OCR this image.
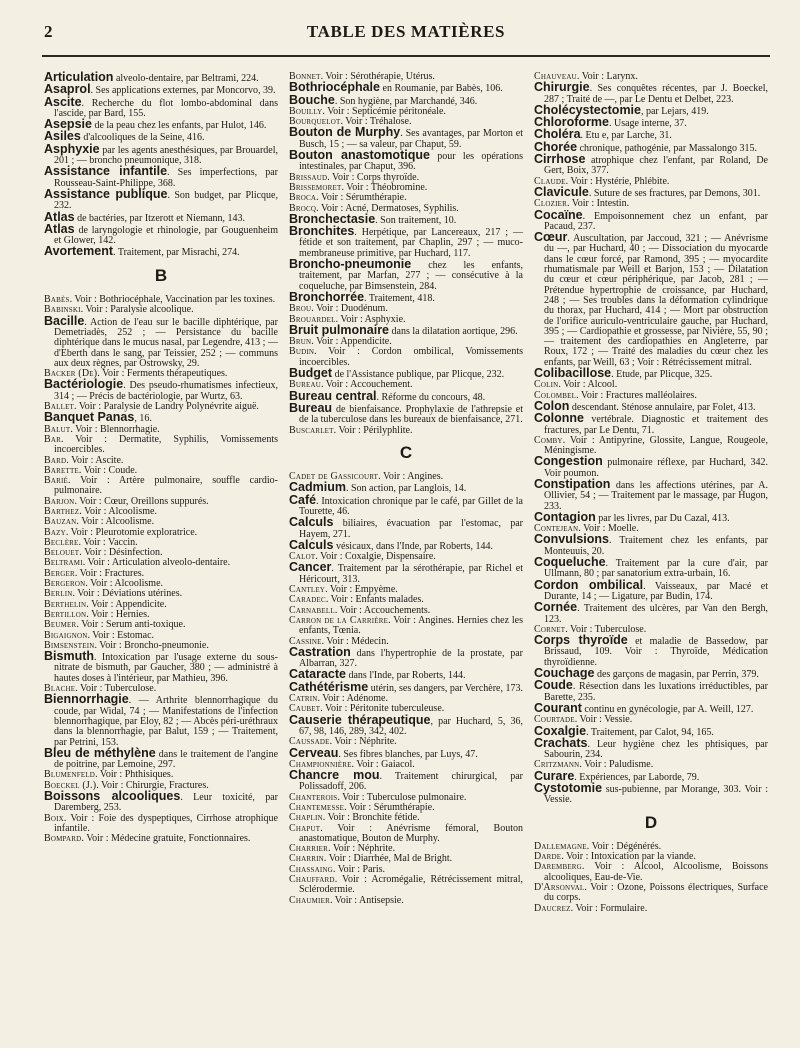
2	TABLE DES MATIÈRES
Articulation alveolo-dentaire, par Beltrami, 224.
Asaprol. Ses applications externes, par Moncorvo, 39.
Ascite. Recherche du flot lombo-abdominal dans l'ascide, par Bard, 155.
Asepsie de la peau chez les enfants, par Hulot, 146.
Asiles d'alcooliques de la Seine, 416.
Asphyxie par les agents anesthésiques, par Brouardel, 201 ; — broncho pneumonique, 318.
Assistance infantile. Ses imperfections, par Rousseau-Saint-Philippe, 368.
Assistance publique. Son budget, par Plicque, 232.
Atlas de bactéries, par Itzerott et Niemann, 143.
Atlas de laryngologie et rhinologie, par Gouguenheim et Glower, 142.
Avortement. Traitement, par Misrachi, 274.
B
Babès. Voir : Bothriocéphale, Vaccination par les toxines.
Babinski. Voir : Paralysie alcoolique.
Bacille. Action de l'eau sur le bacille diphtérique, par Demetriadès, 252 ; — Persistance du bacille diphtérique dans le mucus nasal, par Legendre, 413 ; — d'Eberth dans le sang, par Teissier, 252 ; — communs aux deux règnes, par Ostrowsky, 29.
Backer (De). Voir : Ferments thérapeutiques.
Bactériologie. Des pseudo-rhumatismes infectieux, 314 ; — Précis de bactériologie, par Wurtz, 63.
Ballet. Voir : Paralysie de Landry Polynévrite aiguë.
Banquet Panas, 16.
Balut. Voir : Blennorrhagie.
Bar. Voir : Dermatite, Syphilis, Vomissements incoercibles.
Bard. Voir : Ascite.
Barette. Voir : Coude.
Barié. Voir : Artère pulmonaire, souffle cardio-pulmonaire.
Barjon. Voir : Cœur, Oreillons suppurés.
Barthez. Voir : Alcoolisme.
Bauzan. Voir : Alcoolisme.
Bazy. Voir : Pleurotomie exploratrice.
Beclère. Voir : Vaccin.
Belouet. Voir : Désinfection.
Beltrami. Voir : Articulation alveolo-dentaire.
Berger. Voir : Fractures.
Bergeron. Voir : Alcoolisme.
Berlin. Voir : Déviations utérines.
Berthelin. Voir : Appendicite.
Bertillon. Voir : Hernies.
Beumer. Voir : Serum anti-toxique.
Bigaignon. Voir : Estomac.
Bimsenstein. Voir : Broncho-pneumonie.
Bismuth. Intoxication par l'usage externe du sous-nitrate de bismuth, par Gaucher, 380 ; — administré à hautes doses à l'intérieur, par Mathieu, 396.
Blache. Voir : Tuberculose.
Biennorrhagie. — Arthrite blennorrhagique du coude, par Widal, 74 ; — Manifestations de l'infection blennorrhagique, par Eloy, 82 ; — Abcès péri-uréthraux dans la blennorrhagie, par Balut, 159 ; — Traitement, par Petrini, 153.
Bleu de méthylène dans le traitement de l'angine de poitrine, par Lemoine, 297.
Blumenfeld. Voir : Phthisiques.
Boeckel (J.). Voir : Chirurgie, Fractures.
Boissons alcooliques. Leur toxicité, par Daremberg, 253.
Boix. Voir : Foie des dyspeptiques, Cirrhose atrophique infantile.
Bompard. Voir : Médecine gratuite, Fonctionnaires.
Bonnet. Voir : Sérothérapie, Utérus.
Bothriocéphale en Roumanie, par Babès, 106.
Bouche. Son hygiène, par Marchandé, 346.
Bouilly. Voir : Septicémie péritonéale.
Bourquelot. Voir : Tréhalose.
Bouton de Murphy. Ses avantages, par Morton et Busch, 15 ; — sa valeur, par Chaput, 59.
Bouton anastomotique pour les opérations intestinales, par Chaput, 396.
Brissaud. Voir : Corps thyroïde.
Brissemoret. Voir : Théobromine.
Broca. Voir : Sérumthérapie.
Brocq. Voir : Acné, Dermatoses, Syphilis.
Bronchectasie. Son traitement, 10.
Bronchites. Herpétique, par Lancereaux, 217 ; — fétide et son traitement, par Chaplin, 297 ; — muco-membraneuse primitive, par Huchard, 117.
Broncho-pneumonie chez les enfants, traitement, par Marfan, 277 ; — consécutive à la coqueluche, par Bimsenstein, 284.
Bronchorrée. Traitement, 418.
Brou. Voir : Duodénum.
Brouardel. Voir : Asphyxie.
Bruit pulmonaire dans la dilatation aortique, 296.
Brun. Voir : Appendicite.
Budin. Voir : Cordon ombilical, Vomissements incoercibles.
Budget de l'Assistance publique, par Plicque, 232.
Bureau. Voir : Accouchement.
Bureau central. Réforme du concours, 48.
Bureau de bienfaisance. Prophylaxie de l'athrepsie et de la tuberculose dans les bureaux de bienfaisance, 271.
Buscarlet. Voir : Périlyphlite.
C
Cadet de Gassicourt. Voir : Angines.
Cadmium. Son action, par Langlois, 14.
Café. Intoxication chronique par le café, par Gillet de la Tourette, 46.
Calculs biliaires, évacuation par l'estomac, par Hayem, 271.
Calculs vésicaux, dans l'Inde, par Roberts, 144.
Calot. Voir : Coxalgie, Dispensaire.
Cancer. Traitement par la sérothérapie, par Richel et Héricourt, 313.
Cantley. Voir : Empyème.
Caradec. Voir : Enfants malades.
Carnabell. Voir : Accouchements.
Carron de la Carrière. Voir : Angines. Hernies chez les enfants, Tœnia.
Cassine. Voir : Médecin.
Castration dans l'hypertrophie de la prostate, par Albarran, 327.
Cataracte dans l'Inde, par Roberts, 144.
Cathétérisme utérin, ses dangers, par Verchère, 173.
Catrin. Voir : Adénome.
Caubet. Voir : Péritonite tuberculeuse.
Causerie thérapeutique, par Huchard, 5, 36, 67, 98, 146, 289, 342, 402.
Caussade. Voir : Néphrite.
Cerveau. Ses fibres blanches, par Luys, 47.
Championnière. Voir : Gaiacol.
Chancre mou. Traitement chirurgical, par Polissadoff, 206.
Chanterois. Voir : Tuberculose pulmonaire.
Chantemesse. Voir : Sérumthérapie.
Chaplin. Voir : Bronchite fétide.
Chaput. Voir : Anévrisme fémoral, Bouton anastomatique, Bouton de Murphy.
Charrier. Voir : Néphrite.
Charrin. Voir : Diarrhée, Mal de Bright.
Chassaing. Voir : Paris.
Chauffard. Voir : Acromégalie, Rétrécissement mitral, Sclérodermie.
Chaumier. Voir : Antisepsie.
Chauveau. Voir : Larynx.
Chirurgie. Ses conquêtes récentes, par J. Boeckel, 287 ; Traité de —, par Le Dentu et Delbet, 223.
Cholécystectomie, par Lejars, 419.
Chloroforme. Usage interne, 37.
Choléra. Etu e, par Larche, 31.
Chorée chronique, pathogénie, par Massalongo 315.
Cirrhose atrophique chez l'enfant, par Roland, De Gert, Boix, 377.
Claude. Voir : Hystérie, Phlébite.
Clavicule. Suture de ses fractures, par Demons, 301.
Clozier. Voir : Intestin.
Cocaïne. Empoisonnement chez un enfant, par Pacaud, 237.
Cœur. Auscultation, par Jaccoud, 321 ; — Anévrisme du —, par Huchard, 40 ; — Dissociation du myocarde dans le cœur forcé, par Ramond, 395 ; — myocardite rhumatismale par Weill et Barjon, 153 ; — Dilatation du cœur et cœur périphérique, par Jacob, 281 ; — Prétendue hypertrophie de croissance, par Huchard, 248 ; — Ses troubles dans la déformation cylindrique du thorax, par Huchard, 414 ; — Mort par obstruction de l'orifice auriculo-ventriculaire gauche, par Huchard, 395 ; — Cardiopathie et grossesse, par Nivière, 55, 90 ; — traitement des cardiopathies en Angleterre, par Roux, 172 ; — Traité des maladies du cœur chez les enfants, par Weill, 63 ; Voir : Rétrécissement mitral.
Colibacillose. Etude, par Plicque, 325.
Colin. Voir : Alcool.
Colombel. Voir : Fractures malléolaires.
Colon descendant. Sténose annulaire, par Folet, 413.
Colonne vertébrale. Diagnostic et traitement des fractures, par Le Dentu, 71.
Comby. Voir : Antipyrine, Glossite, Langue, Rougeole, Méningisme.
Congestion pulmonaire réflexe, par Huchard, 342. Voir poumon.
Constipation dans les affections utérines, par A. Ollivier, 54 ; — Traitement par le massage, par Hugon, 233.
Contagion par les livres, par Du Cazal, 413.
Contejean. Voir : Moelle.
Convulsions. Traitement chez les enfants, par Monteuuis, 20.
Coqueluche. Traitement par la cure d'air, par Ullmann, 80 ; par sanatorium extra-urbain, 16.
Cordon ombilical. Vaisseaux, par Macé et Durante, 14 ; — Ligature, par Budin, 174.
Cornée. Traitement des ulcères, par Van den Bergh, 123.
Cornet. Voir : Tuberculose.
Corps thyroïde et maladie de Bassedow, par Brissaud, 109. Voir : Thyroïde, Médication thyroïdienne.
Couchage des garçons de magasin, par Perrin, 379.
Coude. Résection dans les luxations irréductibles, par Barette, 235.
Courant continu en gynécologie, par A. Weill, 127.
Courtade. Voir : Vessie.
Coxalgie. Traitement, par Calot, 94, 165.
Crachats. Leur hygiène chez les phtisiques, par Sabourin, 234.
Critzmann. Voir : Paludisme.
Curare. Expériences, par Laborde, 79.
Cystotomie sus-pubienne, par Morange, 303. Voir : Vessie.
D
Dallemagne. Voir : Dégénérés.
Darde. Voir : Intoxication par la viande.
Daremberg. Voir : Alcool, Alcoolisme, Boissons alcooliques, Eau-de-Vie.
D'Arsonval. Voir : Ozone, Poissons électriques, Surface du corps.
Daucrez. Voir : Formulaire.
